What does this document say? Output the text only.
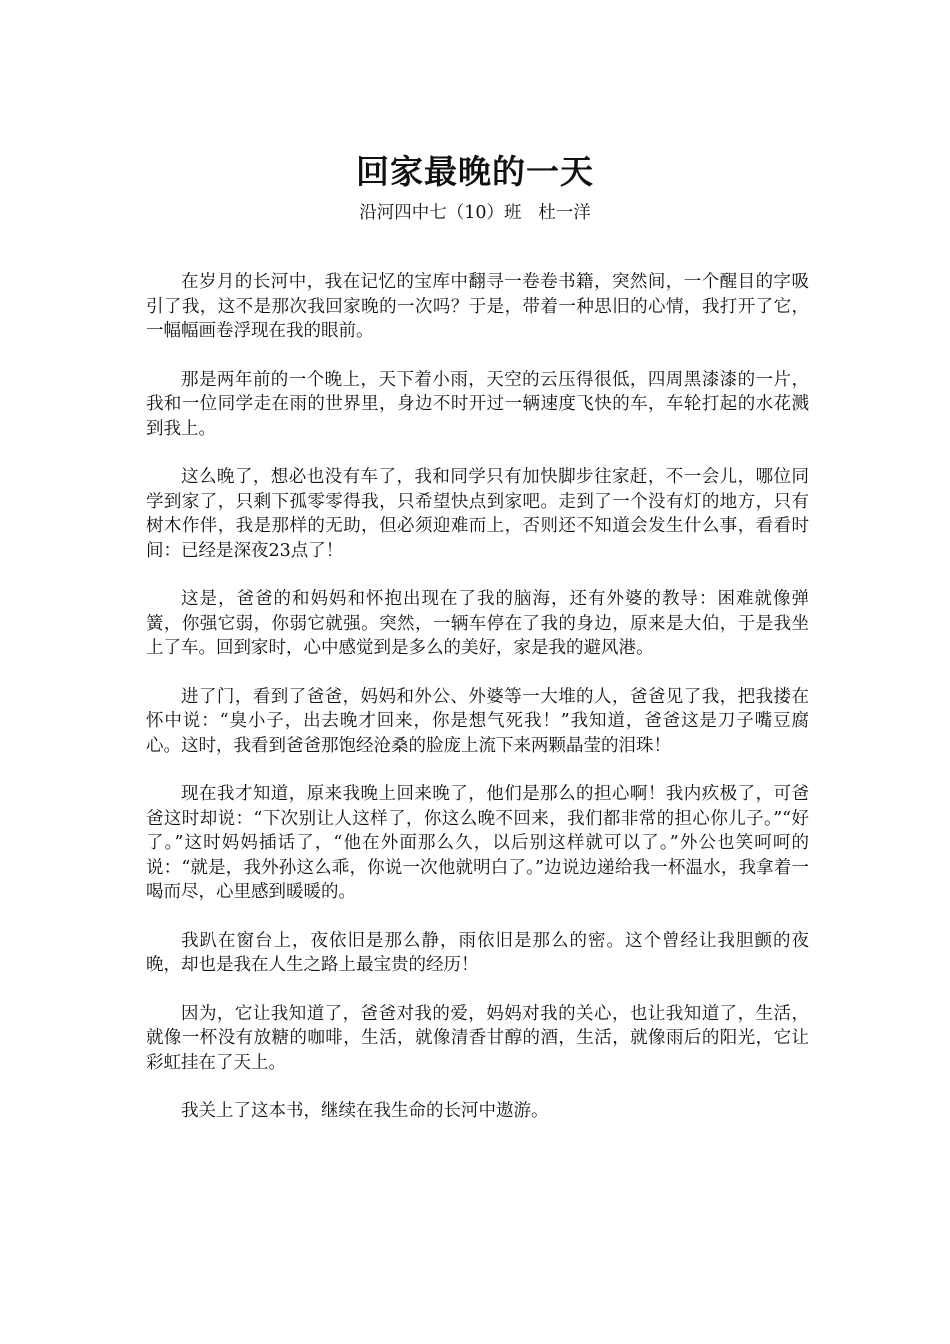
回家最晚的一天
沿河四中七（10）班   杜一洋

在岁月的长河中，我在记忆的宝库中翻寻一卷卷书籍，突然间，一个醒目的字吸引了我，这不是那次我回家晚的一次吗？于是，带着一种思旧的心情，我打开了它，一幅幅画卷浮现在我的眼前。

那是两年前的一个晚上，天下着小雨，天空的云压得很低，四周黑漆漆的一片，我和一位同学走在雨的世界里，身边不时开过一辆速度飞快的车，车轮打起的水花溅到我上。

这么晚了，想必也没有车了，我和同学只有加快脚步往家赶，不一会儿，哪位同学到家了，只剩下孤零零得我，只希望快点到家吧。走到了一个没有灯的地方，只有树木作伴，我是那样的无助，但必须迎难而上，否则还不知道会发生什么事，看看时间：已经是深夜23点了！

这是，爸爸的和妈妈和怀抱出现在了我的脑海，还有外婆的教导：困难就像弹簧，你强它弱，你弱它就强。突然，一辆车停在了我的身边，原来是大伯，于是我坐上了车。回到家时，心中感觉到是多么的美好，家是我的避风港。

进了门，看到了爸爸，妈妈和外公、外婆等一大堆的人，爸爸见了我，把我搂在怀中说：“臭小子，出去晚才回来，你是想气死我！”我知道，爸爸这是刀子嘴豆腐心。这时，我看到爸爸那饱经沧桑的脸庞上流下来两颗晶莹的泪珠！

现在我才知道，原来我晚上回来晚了，他们是那么的担心啊！我内疚极了，可爸爸这时却说：“下次别让人这样了，你这么晚不回来，我们都非常的担心你儿子。”“好了。”这时妈妈插话了，“他在外面那么久，以后别这样就可以了。”外公也笑呵呵的说：“就是，我外孙这么乖，你说一次他就明白了。”边说边递给我一杯温水，我拿着一喝而尽，心里感到暖暖的。

我趴在窗台上，夜依旧是那么静，雨依旧是那么的密。这个曾经让我胆颤的夜晚，却也是我在人生之路上最宝贵的经历！

因为，它让我知道了，爸爸对我的爱，妈妈对我的关心，也让我知道了，生活，就像一杯没有放糖的咖啡，生活，就像清香甘醇的酒，生活，就像雨后的阳光，它让彩虹挂在了天上。

我关上了这本书，继续在我生命的长河中遨游。
